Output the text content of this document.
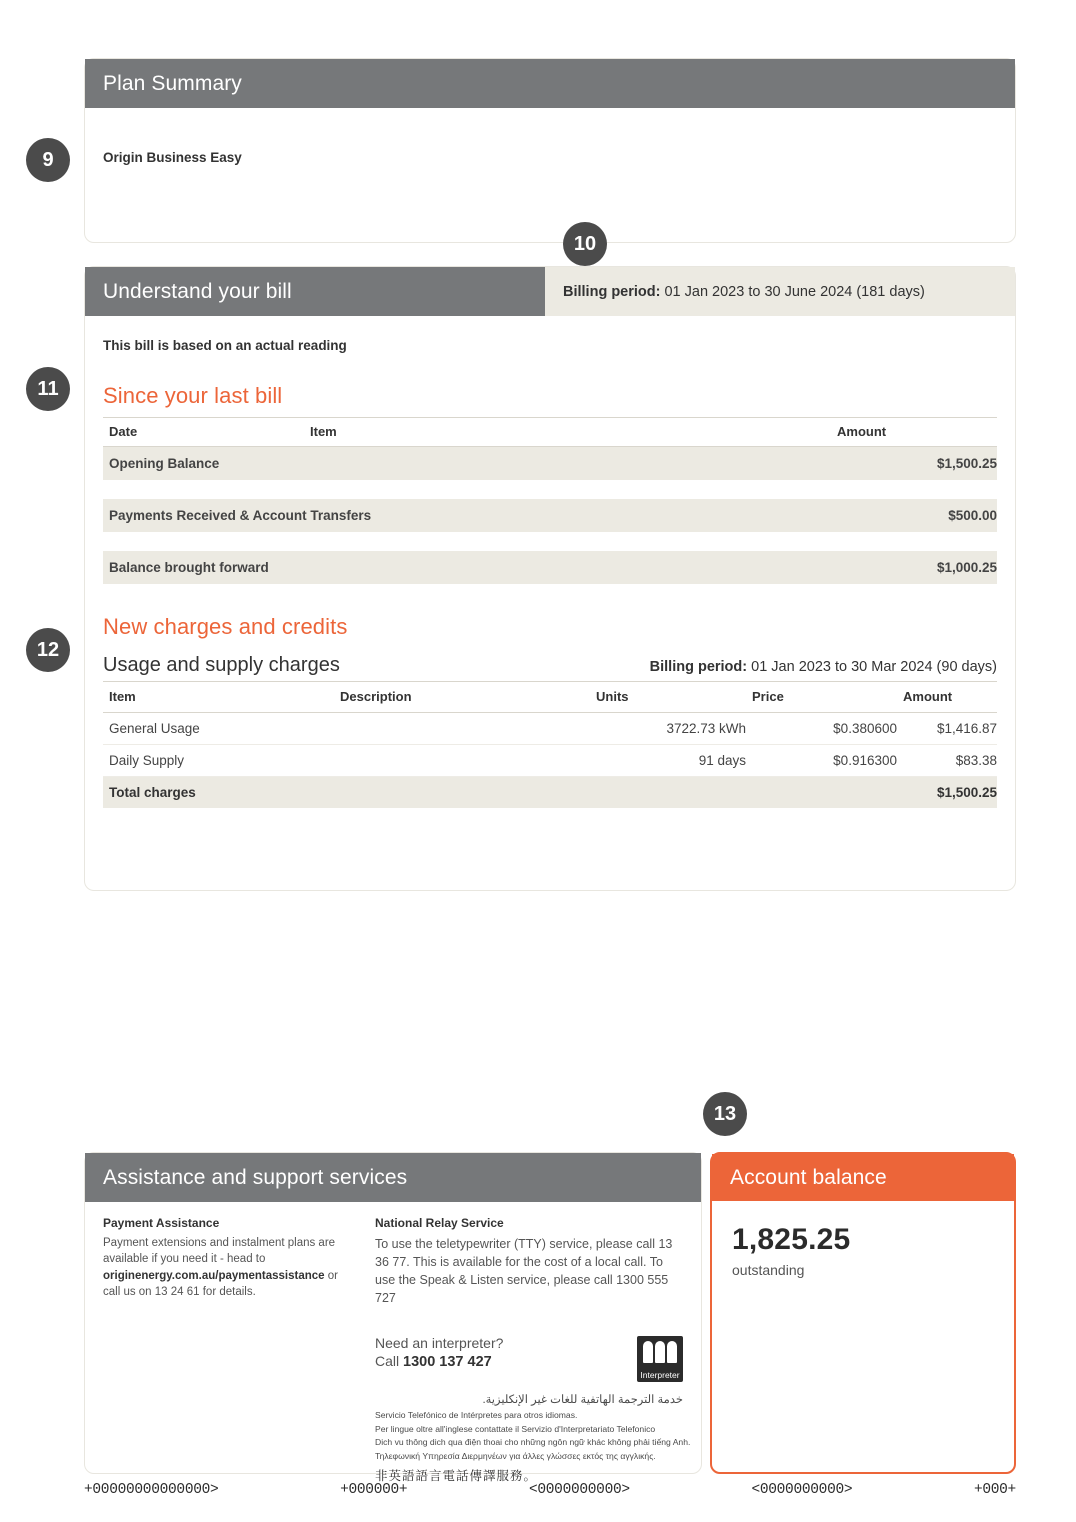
9
10
11
12
13
Plan Summary
Origin Business Easy
Understand your bill	Billing period: 01 Jan 2023 to 30 June 2024 (181 days)
This bill is based on an actual reading
Since your last bill
Date	Item	Amount
Opening Balance		$1,500.25

Payments Received & Account Transfers		$500.00

Balance brought forward		$1,000.25
New charges and credits
Usage and supply charges	Billing period: 01 Jan 2023 to 30 Mar 2024 (90 days)
Item	Description	Units	Price	Amount
General Usage		3722.73 kWh	$0.380600	$1,416.87
Daily Supply		91 days	$0.916300	$83.38
Total charges				$1,500.25
Assistance and support services
Payment Assistance
Payment extensions and instalment plans are
available if you need it - head to
originenergy.com.au/paymentassistance or
call us on 13 24 61 for details.
National Relay Service
To use the teletypewriter (TTY) service, please call 13 36 77. This is available for the cost of a local call. To use the Speak & Listen service, please call 1300 555 727
Need an interpreter?
Call 1300 137 427
Interpreter
خدمة الترجمة الهاتفية للغات غير الإنكليزية.
Servicio Telefónico de Intérpretes para otros idiomas.
Per lingue oltre all'inglese contattate il Servizio d'Interpretariato Telefonico
Dich vu thông dich qua điện thoai cho những ngôn ngữ khác không phải tiếng Anh.
Τηλεφωνική Υπηρεσία Διερμηνέων για άλλες γλώσσες εκτός της αγγλικής.
非英語語言電話傳譯服務。
Account balance
1,825.25
outstanding
+00000000000000>	+000000+	<0000000000>	<0000000000>	+000+
